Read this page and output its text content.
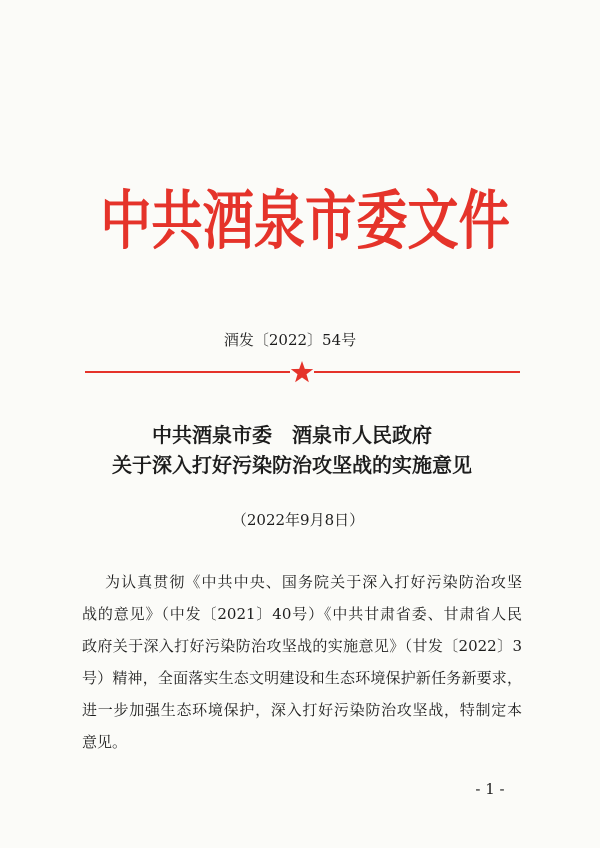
中共酒泉市委文件
酒发〔2022〕54号
中共酒泉市委　酒泉市人民政府
关于深入打好污染防治攻坚战的实施意见
（2022年9月8日）
为认真贯彻《中共中央、国务院关于深入打好污染防治攻坚
战的意见》（中发〔2021〕40号）《中共甘肃省委、甘肃省人民
政府关于深入打好污染防治攻坚战的实施意见》（甘发〔2022〕3
号）精神，全面落实生态文明建设和生态环境保护新任务新要求，
进一步加强生态环境保护，深入打好污染防治攻坚战，特制定本
意见。
- 1 -
